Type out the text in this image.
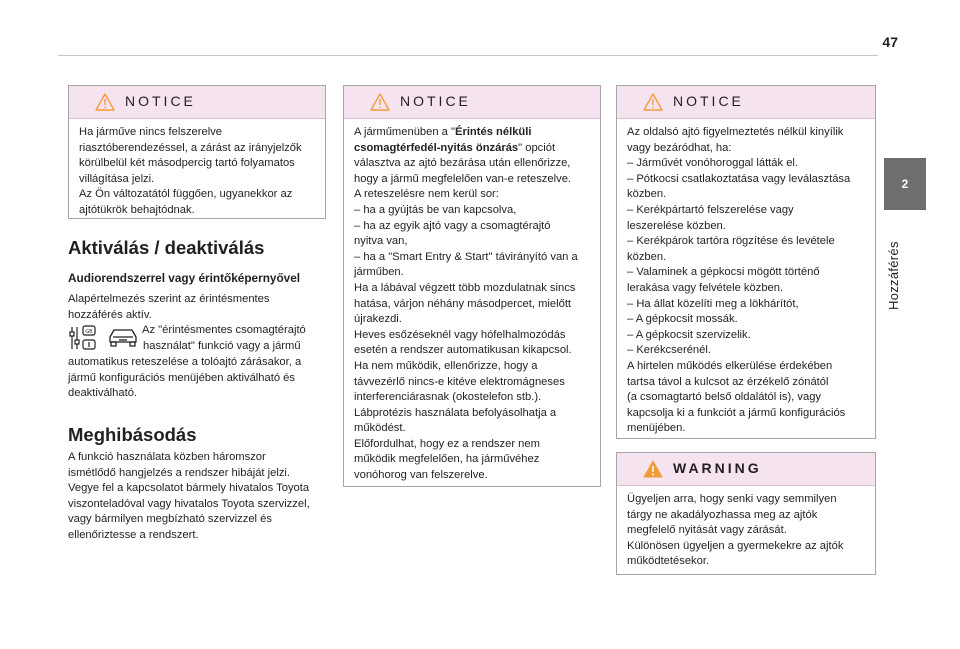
47
2
Hozzáférés
NOTICE

Ha járműve nincs felszerelve

riasztóberendezéssel, a zárást az irányjelzők

körülbelül két másodpercig tartó folyamatos

villágítása jelzi.

Az Ön változatától függően, ugyanekkor az

ajtótükrök behajtódnak.

Aktiválás / deaktiválás
Audiorendszerrel vagy érintőképernyővel

Alapértelmezés szerint az érintésmentes

hozzáférés aktív.

GB	Az "érintésmentes csomagtérajtó
használat" funkció vagy a jármű

automatikus reteszelése a tolóajtó zárásakor, a

jármű konfigurációs menüjében aktiválható és

deaktiválható.

Meghibásodás

A funkció használata közben háromszor

ismétlődő hangjelzés a rendszer hibáját jelzi.

Vegye fel a kapcsolatot bármely hivatalos Toyota

viszonteladóval vagy hivatalos Toyota szervizzel,

vagy bármilyen megbízható szervizzel és

ellenőriztesse a rendszert.

NOTICE

A járműmenüben a "Érintés nélküli

csomagtérfedél-nyitás önzárás" opciót

választva az ajtó bezárása után ellenőrizze,

hogy a jármű megfelelően van-e reteszelve.

A reteszelésre nem kerül sor:

– ha a gyújtás be van kapcsolva,

– ha az egyik ajtó vagy a csomagtérajtó

nyitva van,

– ha a "Smart Entry & Start" távirányító van a

járműben.

Ha a lábával végzett több mozdulatnak sincs

hatása, várjon néhány másodpercet, mielőtt

újrakezdi.

Heves esőzéseknél vagy hófelhalmozódás

esetén a rendszer automatikusan kikapcsol.

Ha nem működik, ellenőrizze, hogy a

távvezérlő nincs-e kitéve elektromágneses

interferenciárasnak (okostelefon stb.).

Lábprotézis használata befolyásolhatja a

működést.

Előfordulhat, hogy ez a rendszer nem

működik megfelelően, ha járművéhez

vonóhorog van felszerelve.

NOTICE

Az oldalsó ajtó figyelmeztetés nélkül kinyílik

vagy bezáródhat, ha:

– Járművét vonóhoroggal látták el.

– Pótkocsi csatlakoztatása vagy leválasztása

közben.

– Kerékpártartó felszerelése vagy

leszerelése közben.

– Kerékpárok tartóra rögzítése és levétele

közben.

– Valaminek a gépkocsi mögött történő

lerakása vagy felvétele közben.

– Ha állat közelíti meg a lökhárítót,

– A gépkocsit mossák.

– A gépkocsit szervizelik.

– Kerékcserénél.

A hirtelen működés elkerülése érdekében

tartsa távol a kulcsot az érzékelő zónától

(a csomagtartó belső oldalától is), vagy

kapcsolja ki a funkciót a jármű konfigurációs

menüjében.

WARNING

Ügyeljen arra, hogy senki vagy semmilyen

tárgy ne akadályozhassa meg az ajtók

megfelelő nyitását vagy zárását.

Különösen ügyeljen a gyermekekre az ajtók

működtetésekor.
